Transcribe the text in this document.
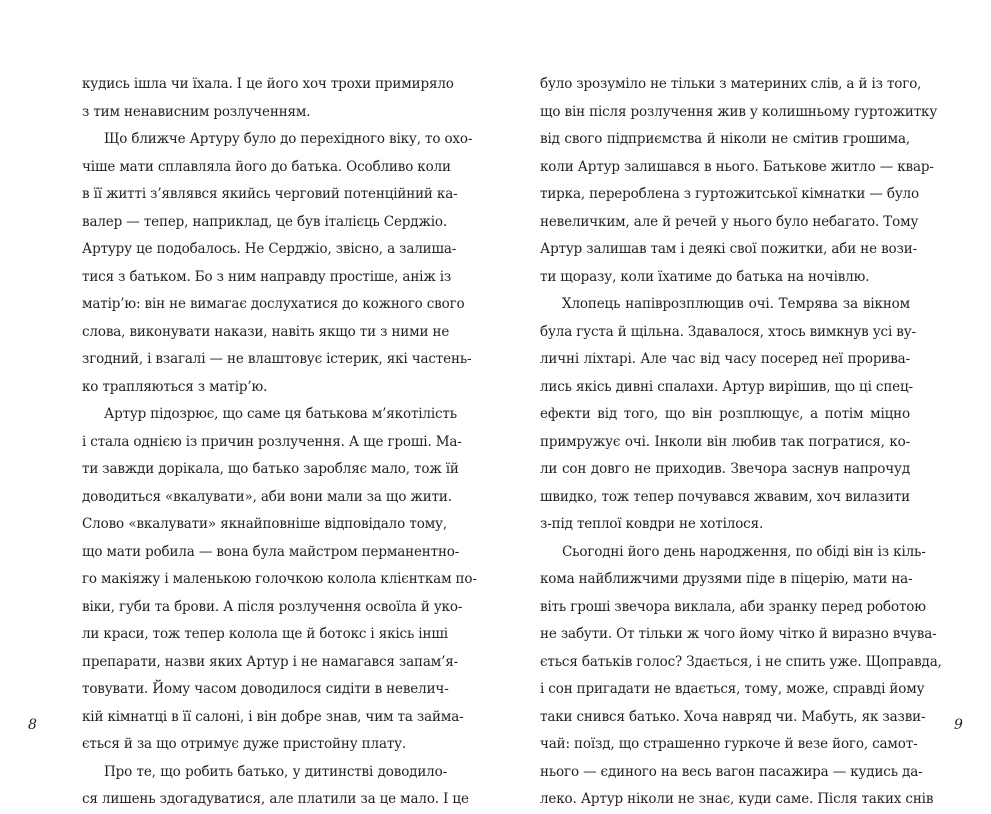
кудись ішла чи їхала. І це його хоч трохи примиряло
з тим ненависним розлученням.
Що ближче Артуру було до перехідного віку, то охо-
чіше мати сплавляла його до батька. Особливо коли
в її житті з’являвся якийсь черговий потенційний ка-
валер — тепер, наприклад, це був італієць Серджіо.
Артуру це подобалось. Не Серджіо, звісно, а залиша-
тися з батьком. Бо з ним направду простіше, аніж із
матір’ю: він не вимагає дослухатися до кожного свого
слова, виконувати накази, навіть якщо ти з ними не
згодний, і взагалі — не влаштовує істерик, які частень-
ко трапляються з матір’ю.
Артур підозрює, що саме ця батькова м’якотілість
і стала однією із причин розлучення. А ще гроші. Ма-
ти завжди дорікала, що батько заробляє мало, тож їй
доводиться «вкалувати», аби вони мали за що жити.
Слово «вкалувати» якнайповніше відповідало тому,
що мати робила — вона була майстром перманентно-
го макіяжу і маленькою голочкою колола клієнткам по-
віки, губи та брови. А після розлучення освоїла й уко-
ли краси, тож тепер колола ще й ботокс і якісь інші
препарати, назви яких Артур і не намагався запам’я-
товувати. Йому часом доводилося сидіти в невелич-
кій кімнатці в її салоні, і він добре знав, чим та займа-
ється й за що отримує дуже пристойну плату.
Про те, що робить батько, у дитинстві доводило-
ся лишень здогадуватися, але платили за це мало. І це
було зрозуміло не тільки з материних слів, а й із того,
що він після розлучення жив у колишньому гуртожитку
від свого підприємства й ніколи не смітив грошима,
коли Артур залишався в нього. Батькове житло — квар-
тирка, перероблена з гуртожитської кімнатки — було
невеличким, але й речей у нього було небагато. Тому
Артур залишав там і деякі свої пожитки, аби не вози-
ти щоразу, коли їхатиме до батька на ночівлю.
Хлопець напіврозплющив очі. Темрява за вікном
була густа й щільна. Здавалося, хтось вимкнув усі ву-
личні ліхтарі. Але час від часу посеред неї прорива-
лись якісь дивні спалахи. Артур вирішив, що ці спец-
ефекти від того, що він розплющує, а потім міцно
примружує очі. Інколи він любив так погратися, ко-
ли сон довго не приходив. Звечора заснув напрочуд
швидко, тож тепер почувався жвавим, хоч вилазити
з-під теплої ковдри не хотілося.
Сьогодні його день народження, по обіді він із кіль-
кома найближчими друзями піде в піцерію, мати на-
віть гроші звечора виклала, аби зранку перед роботою
не забути. От тільки ж чого йому чітко й виразно вчува-
ється батьків голос? Здається, і не спить уже. Щоправда,
і сон пригадати не вдається, тому, може, справді йому
таки снився батько. Хоча навряд чи. Мабуть, як зазви-
чай: поїзд, що страшенно гуркоче й везе його, самот-
нього — єдиного на весь вагон пасажира — кудись да-
леко. Артур ніколи не знає, куди саме. Після таких снів
8	9
